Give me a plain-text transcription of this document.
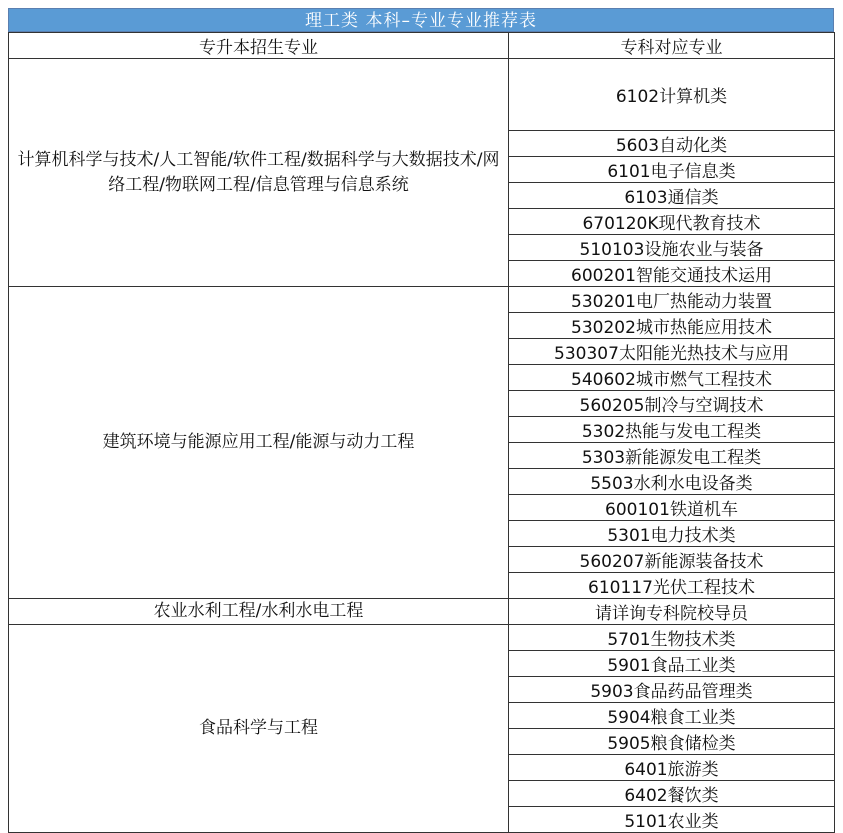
理工类 本科–专业专业推荐表
专升本招生专业	专科对应专业
计算机科学与技术/人工智能/软件工程/数据科学与大数据技术/网络工程/物联网工程/信息管理与信息系统	6102计算机类
	5603自动化类
	6101电子信息类
	6103通信类
	670120K现代教育技术
	510103设施农业与装备
	600201智能交通技术运用
建筑环境与能源应用工程/能源与动力工程	530201电厂热能动力装置
	530202城市热能应用技术
	530307太阳能光热技术与应用
	540602城市燃气工程技术
	560205制冷与空调技术
	5302热能与发电工程类
	5303新能源发电工程类
	5503水利水电设备类
	600101铁道机车
	5301电力技术类
	560207新能源装备技术
	610117光伏工程技术
农业水利工程/水利水电工程	请详询专科院校导员
食品科学与工程	5701生物技术类
	5901食品工业类
	5903食品药品管理类
	5904粮食工业类
	5905粮食储检类
	6401旅游类
	6402餐饮类
	5101农业类
